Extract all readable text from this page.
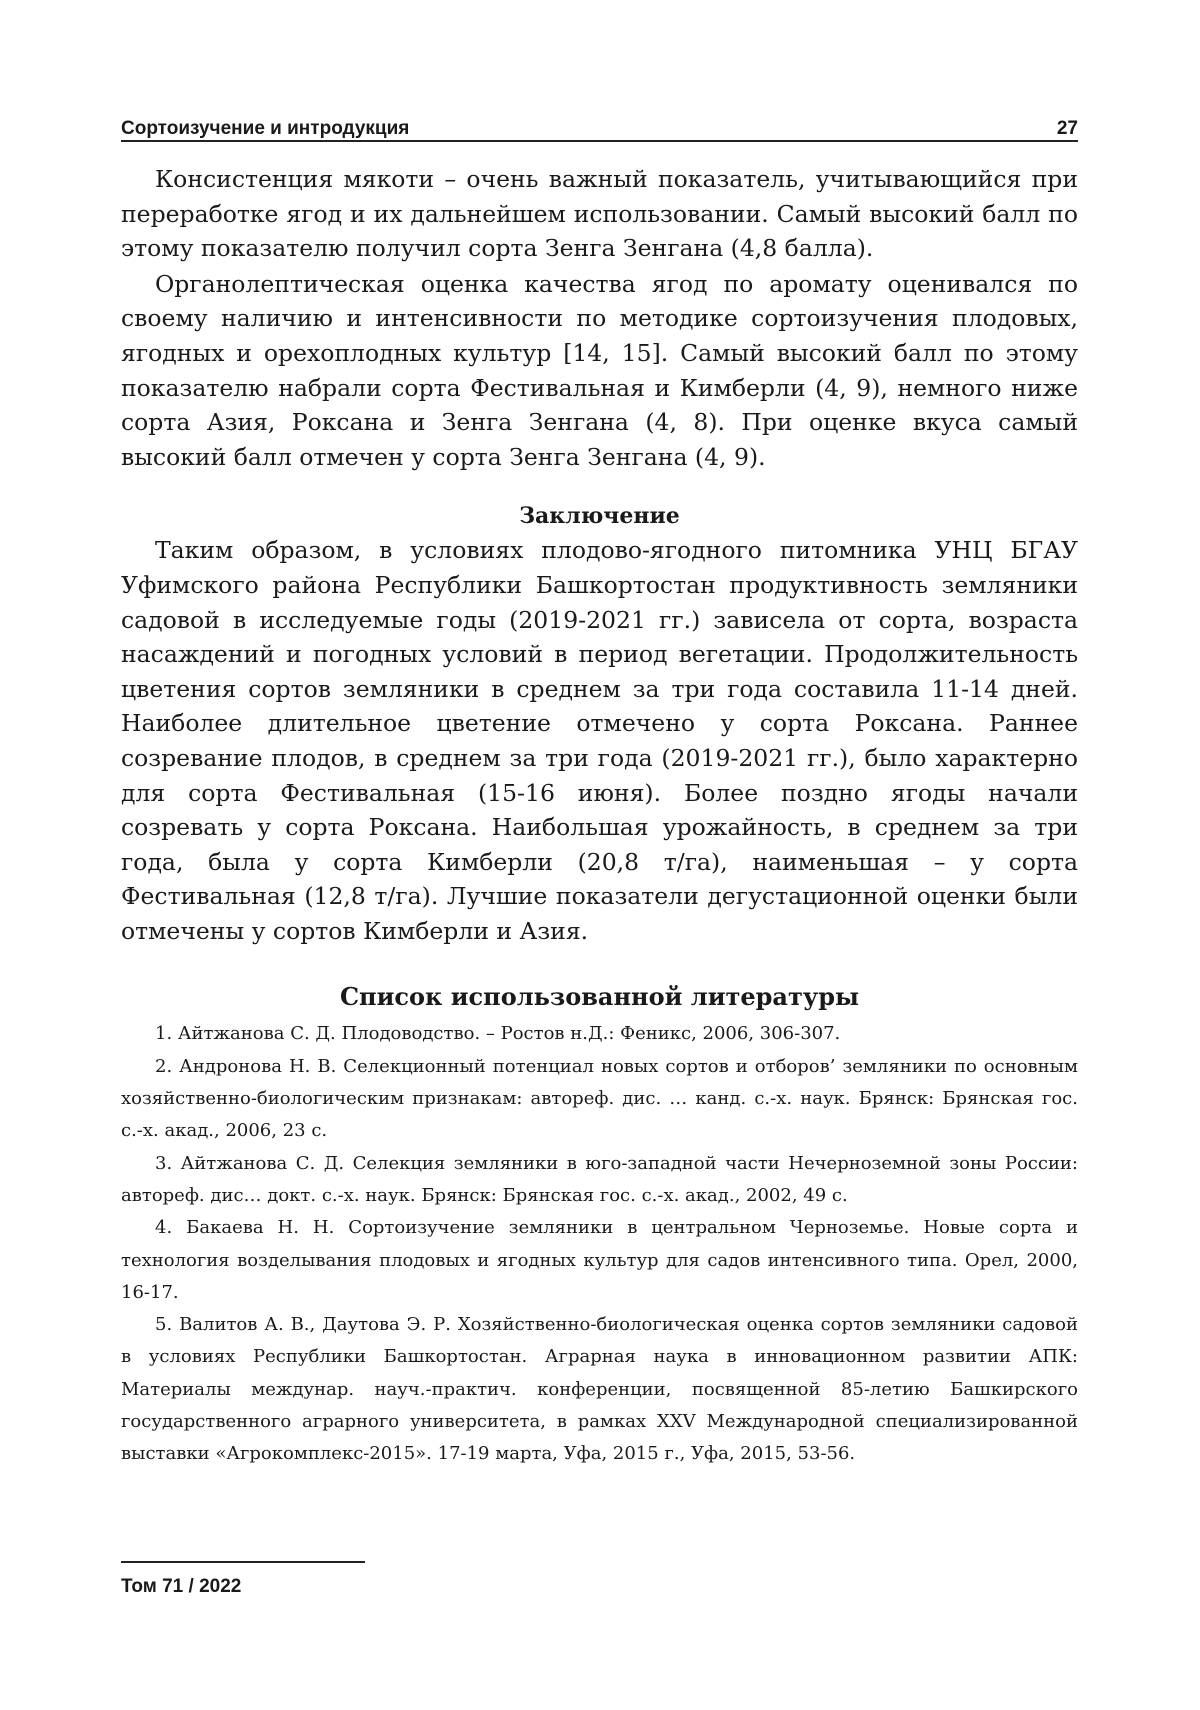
Сортоизучение и интродукция	27

Консистенция мякоти – очень важный показатель, учитывающийся при переработке ягод и их дальнейшем использовании. Самый высокий балл по этому показателю получил сорта Зенга Зенгана (4,8 балла).

Органолептическая оценка качества ягод по аромату оценивался по своему наличию и интенсивности по методике сортоизучения плодовых, ягодных и орехоплодных культур [14, 15]. Самый высокий балл по этому показателю набрали сорта Фестивальная и Кимберли (4, 9), немного ниже сорта Азия, Роксана и Зенга Зенгана (4, 8). При оценке вкуса самый высокий балл отмечен у сорта Зенга Зенгана (4, 9).

Заключение

Таким образом, в условиях плодово-ягодного питомника УНЦ БГАУ Уфимского района Республики Башкортостан продуктивность земляники садовой в исследуемые годы (2019-2021 гг.) зависела от сорта, возраста насаждений и погодных условий в период вегетации. Продолжительность цветения сортов земляники в среднем за три года составила 11-14 дней. Наиболее длительное цветение отмечено у сорта Роксана. Раннее созревание плодов, в среднем за три года (2019-2021 гг.), было характерно для сорта Фестивальная (15-16 июня). Более поздно ягоды начали созревать у сорта Роксана. Наибольшая урожайность, в среднем за три года, была у сорта Кимберли (20,8 т/га), наименьшая – у сорта Фестивальная (12,8 т/га). Лучшие показатели дегустационной оценки были отмечены у сортов Кимберли и Азия.

Список использованной литературы

1. Айтжанова С. Д. Плодоводство. – Ростов н.Д.: Феникс, 2006, 306-307.

2. Андронова Н. В. Селекционный потенциал новых сортов и отборов’ земляники по основным хозяйственно-биологическим признакам: автореф. дис. … канд. с.-х. наук. Брянск: Брянская гос. с.-х. акад., 2006, 23 с.

3. Айтжанова С. Д. Селекция земляники в юго-западной части Нечерноземной зоны России: автореф. дис… докт. с.-х. наук. Брянск: Брянская гос. с.-х. акад., 2002, 49 с.

4. Бакаева Н. Н. Сортоизучение земляники в центральном Черноземье. Новые сорта и технология возделывания плодовых и ягодных культур для садов интенсивного типа. Орел, 2000, 16-17.

5. Валитов А. В., Даутова Э. Р. Хозяйственно-биологическая оценка сортов земляники садовой в условиях Республики Башкортостан. Аграрная наука в инновационном развитии АПК: Материалы междунар. науч.-практич. конференции, посвященной 85-летию Башкирского государственного аграрного университета, в рамках XXV Международной специализированной выставки «Агрокомплекс-2015». 17-19 марта, Уфа, 2015 г., Уфа, 2015, 53-56.

Том 71 / 2022
